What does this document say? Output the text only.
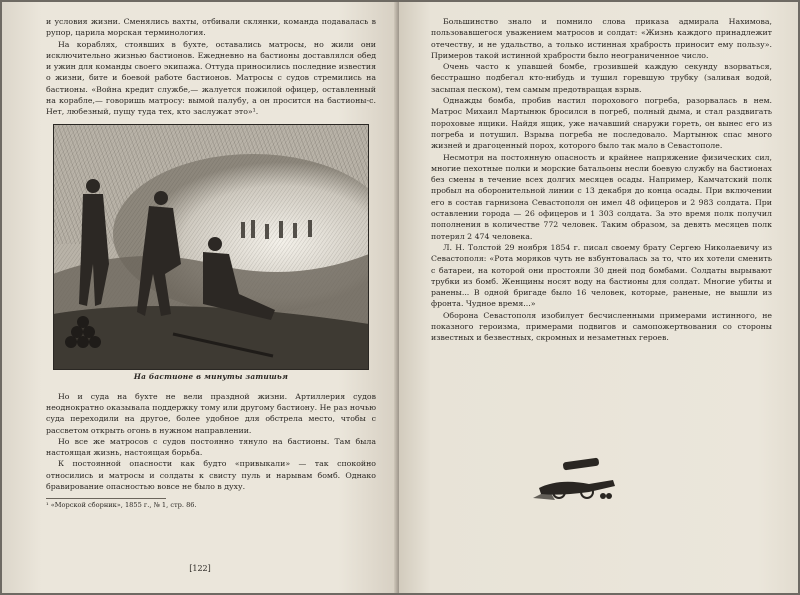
и условия жизни. Сменялись вахты, отбивали склянки, команда подавалась в рупор, царила морская терминология.

На кораблях, стоявших в бухте, оставались матросы, но жили они исключительно жизнью бастионов. Ежедневно на бастионы доставлялся обед и ужин для команды своего экипажа. Оттуда приносились последние известия о жизни, бите и боевой работе бастионов. Матросы с судов стремились на бастионы. «Война кредит службе,— жалуется пожилой офицер, оставленный на корабле,— говоришь матросу: вымой палубу, а он просится на бастионы-с. Нет, любезный, пущу туда тех, кто заслужат это»¹.

На бастионе в минуты затишья

Но и суда на бухте не вели праздной жизни. Артиллерия судов неоднократно оказывала поддержку тому или другому бастиону. Не раз ночью суда переходили на другое, более удобное для обстрела место, чтобы с рассветом открыть огонь в нужном направлении.

Но все же матросов с судов постоянно тянуло на бастионы. Там была настоящая жизнь, настоящая борьба.

К постоянной опасности как будто «привыкали» — так спокойно относились и матросы и солдаты к свисту пуль и нарывам бомб. Однако бравирование опасностью вовсе не было в духу.

¹ «Морской сборник», 1855 г., № 1, стр. 86.
[122]

Большинство знало и помнило слова приказа адмирала Нахимова, пользовавшегося уважением матросов и солдат: «Жизнь каждого принадлежит отечеству, и не удальство, а только истинная храбрость приносит ему пользу». Примеров такой истинной храбрости было неограниченное число.

Очень часто к упавшей бомбе, грозившей каждую секунду взорваться, бесстрашно подбегал кто-нибудь и тушил горевшую трубку (заливая водой, засыпая песком), тем самым предотвращая взрыв.

Однажды бомба, пробив настил порохового погреба, разорвалась в нем. Матрос Михаил Мартынюк бросился в погреб, полный дыма, и стал раздвигать пороховые ящики. Найдя ящик, уже начавший снаружи гореть, он вынес его из погреба и потушил. Взрыва погреба не последовало. Мартынюк спас много жизней и драгоценный порох, которого было так мало в Севастополе.

Несмотря на постоянную опасность и крайнее напряжение физических сил, многие пехотные полки и морские батальоны несли боевую службу на бастионах без смены в течение всех долгих месяцев осады. Например, Камчатский полк пробыл на оборонительной линии с 13 декабря до конца осады. При включении его в состав гарнизона Севастополя он имел 48 офицеров и 2 983 солдата. При оставлении города — 26 офицеров и 1 303 солдата. За это время полк получил пополнения в количестве 772 человек. Таким образом, за девять месяцев полк потерял 2 474 человека.

Л. Н. Толстой 29 ноября 1854 г. писал своему брату Сергею Николаевичу из Севастополя: «Рота моряков чуть не взбунтовалась за то, что их хотели сменить с батареи, на которой они простояли 30 дней под бомбами. Солдаты вырывают трубки из бомб. Женщины носят воду на бастионы для солдат. Многие убиты и ранены... В одной бригаде было 16 человек, которые, раненые, не вышли из фронта. Чудное время...»

Оборона Севастополя изобилует бесчисленными примерами истинного, не показного героизма, примерами подвигов и самопожертвования со стороны известных и безвестных, скромных и незаметных героев.
